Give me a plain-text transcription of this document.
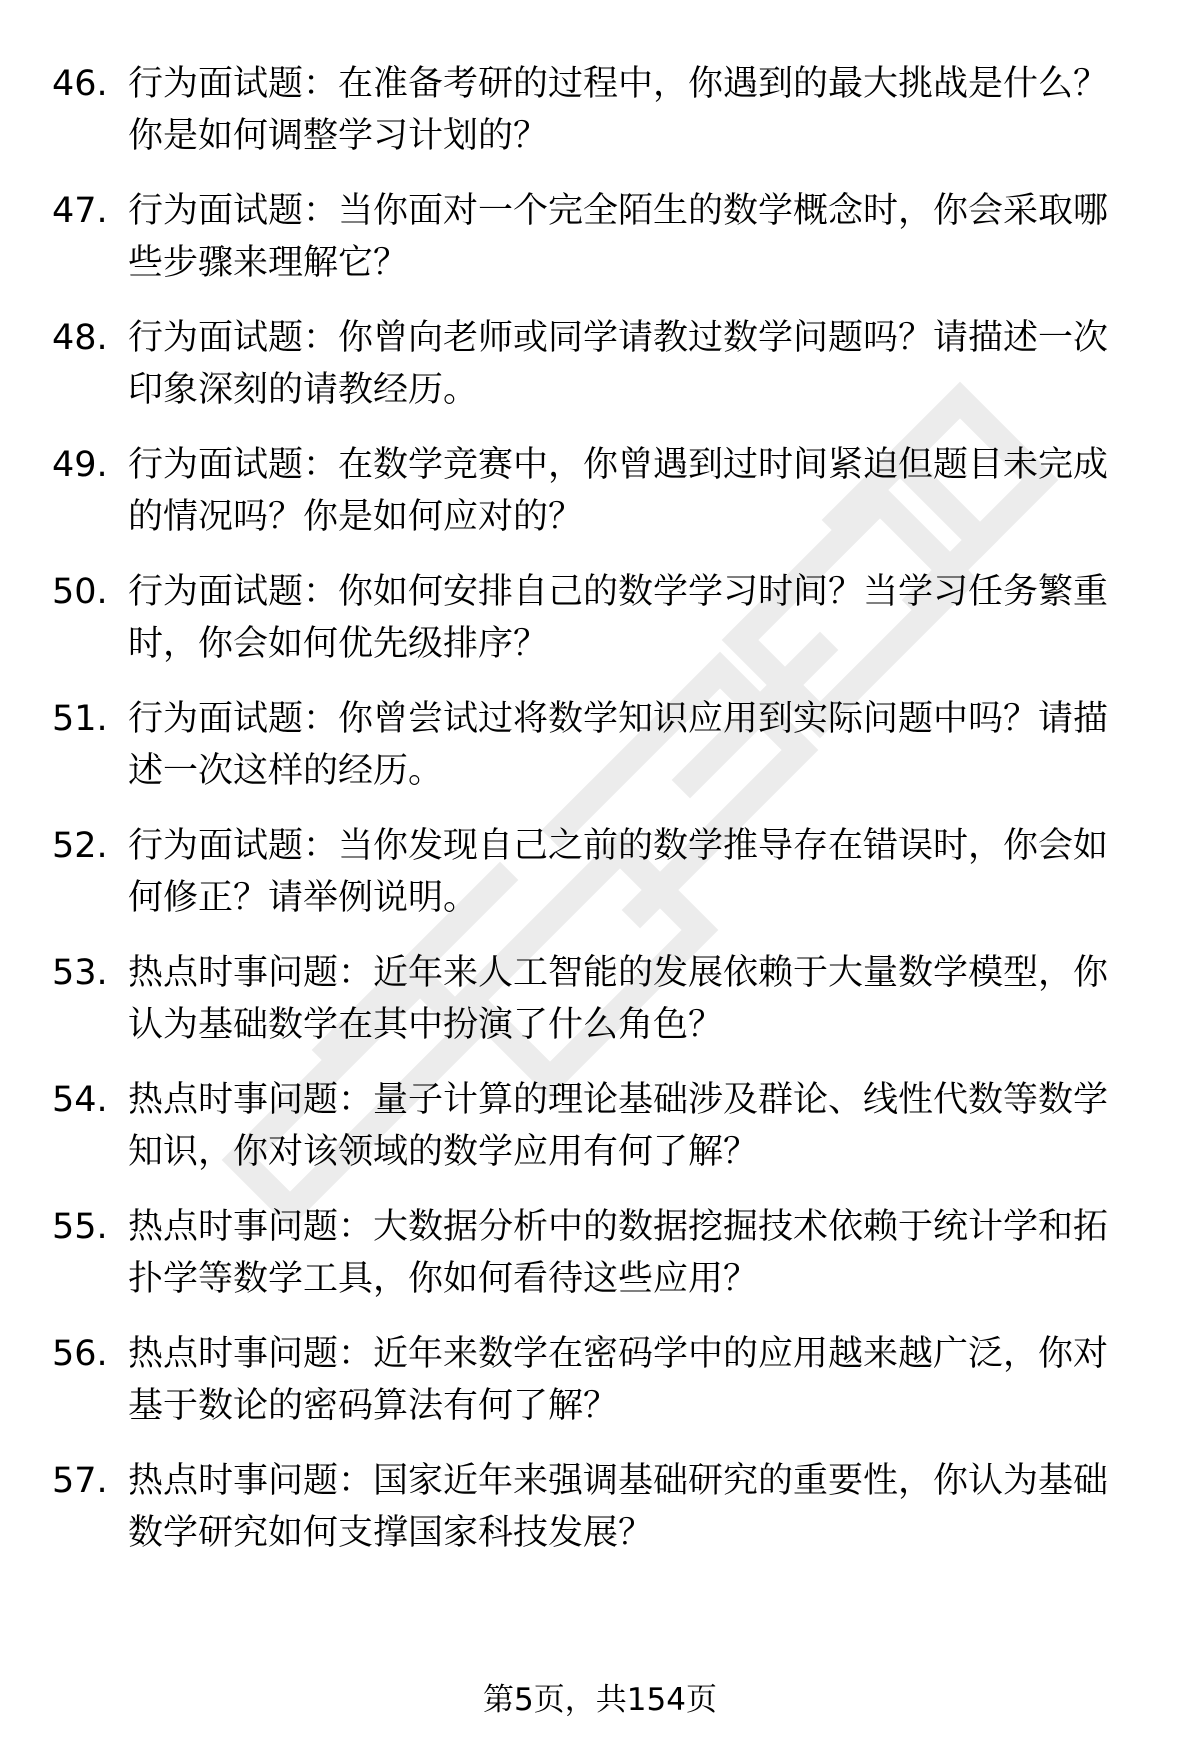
46. 行为面试题：在准备考研的过程中，你遇到的最大挑战是什么？你是如何调整学习计划的？
47. 行为面试题：当你面对一个完全陌生的数学概念时，你会采取哪些步骤来理解它？
48. 行为面试题：你曾向老师或同学请教过数学问题吗？请描述一次印象深刻的请教经历。
49. 行为面试题：在数学竞赛中，你曾遇到过时间紧迫但题目未完成的情况吗？你是如何应对的？
50. 行为面试题：你如何安排自己的数学学习时间？当学习任务繁重时，你会如何优先级排序？
51. 行为面试题：你曾尝试过将数学知识应用到实际问题中吗？请描述一次这样的经历。
52. 行为面试题：当你发现自己之前的数学推导存在错误时，你会如何修正？请举例说明。
53. 热点时事问题：近年来人工智能的发展依赖于大量数学模型，你认为基础数学在其中扮演了什么角色？
54. 热点时事问题：量子计算的理论基础涉及群论、线性代数等数学知识，你对该领域的数学应用有何了解？
55. 热点时事问题：大数据分析中的数据挖掘技术依赖于统计学和拓扑学等数学工具，你如何看待这些应用？
56. 热点时事问题：近年来数学在密码学中的应用越来越广泛，你对基于数论的密码算法有何了解？
57. 热点时事问题：国家近年来强调基础研究的重要性，你认为基础数学研究如何支撑国家科技发展？
第5页，共154页
